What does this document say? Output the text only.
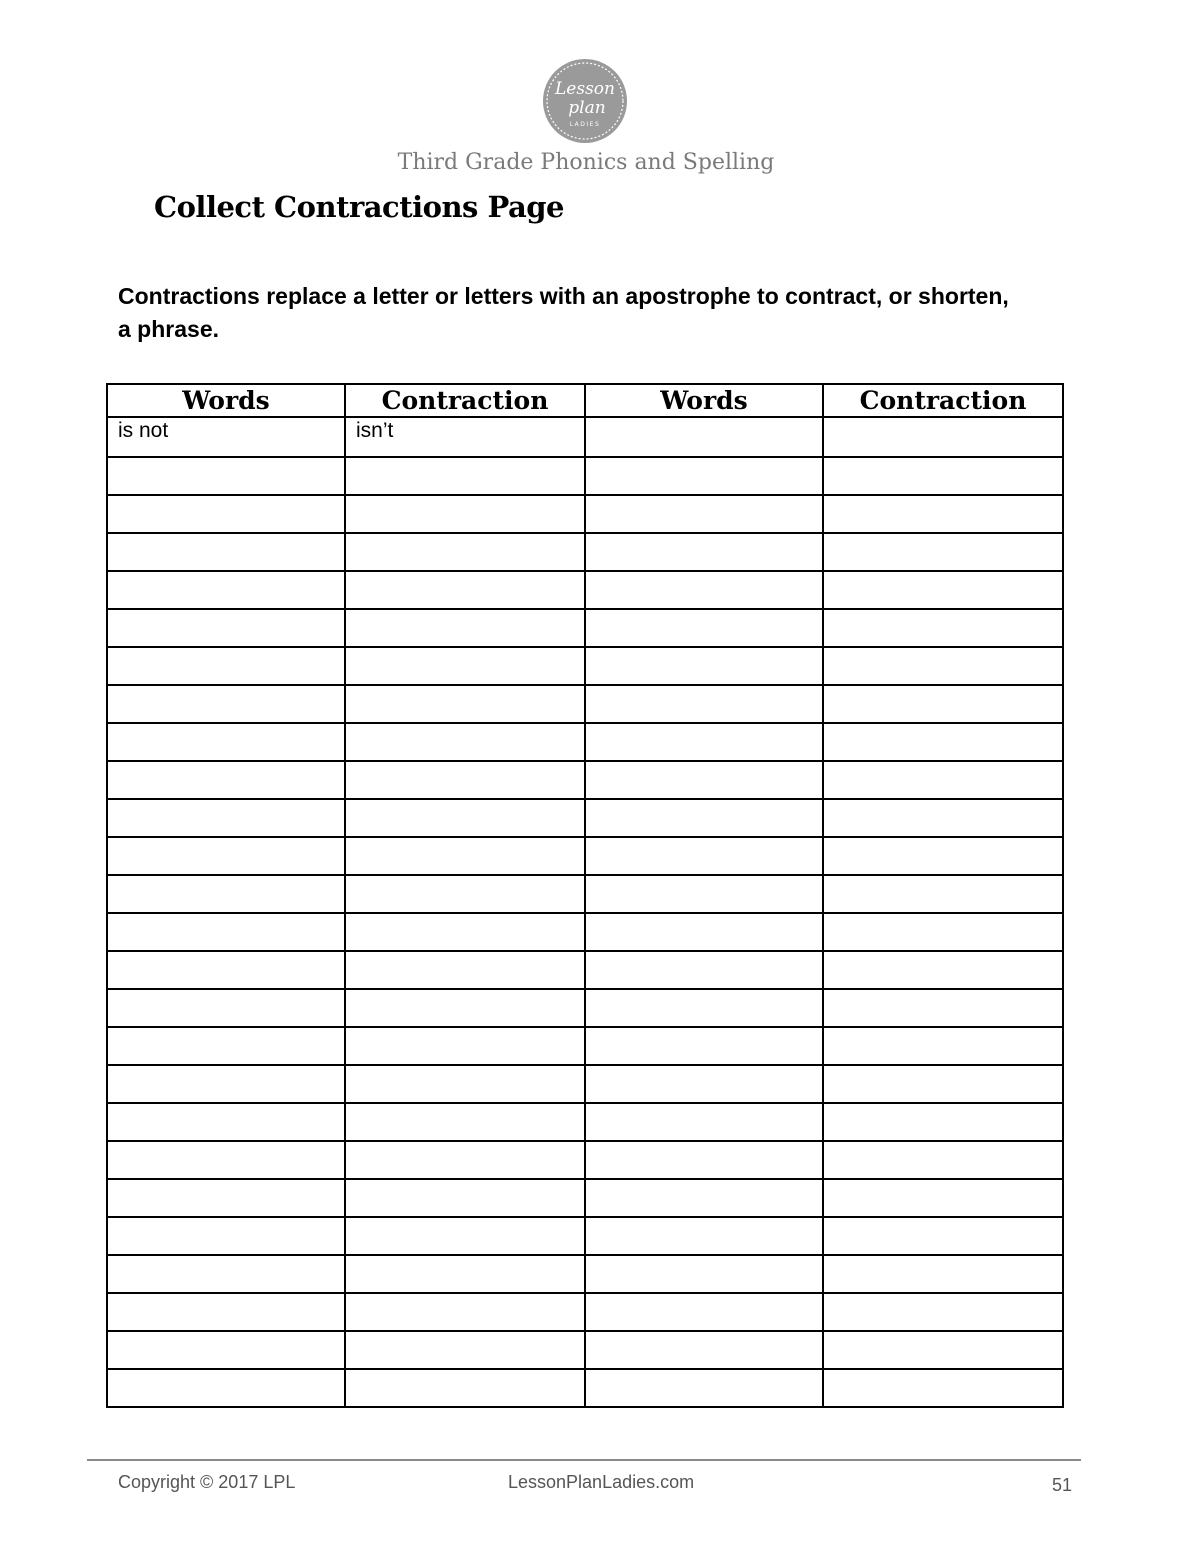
Lesson
plan
LADIES
Third Grade Phonics and Spelling
Collect Contractions Page
Contractions replace a letter or letters with an apostrophe to contract, or shorten, a phrase.
Words	Contraction	Words	Contraction
is not	isn’t		

Copyright © 2017 LPL	LessonPlanLadies.com	51
